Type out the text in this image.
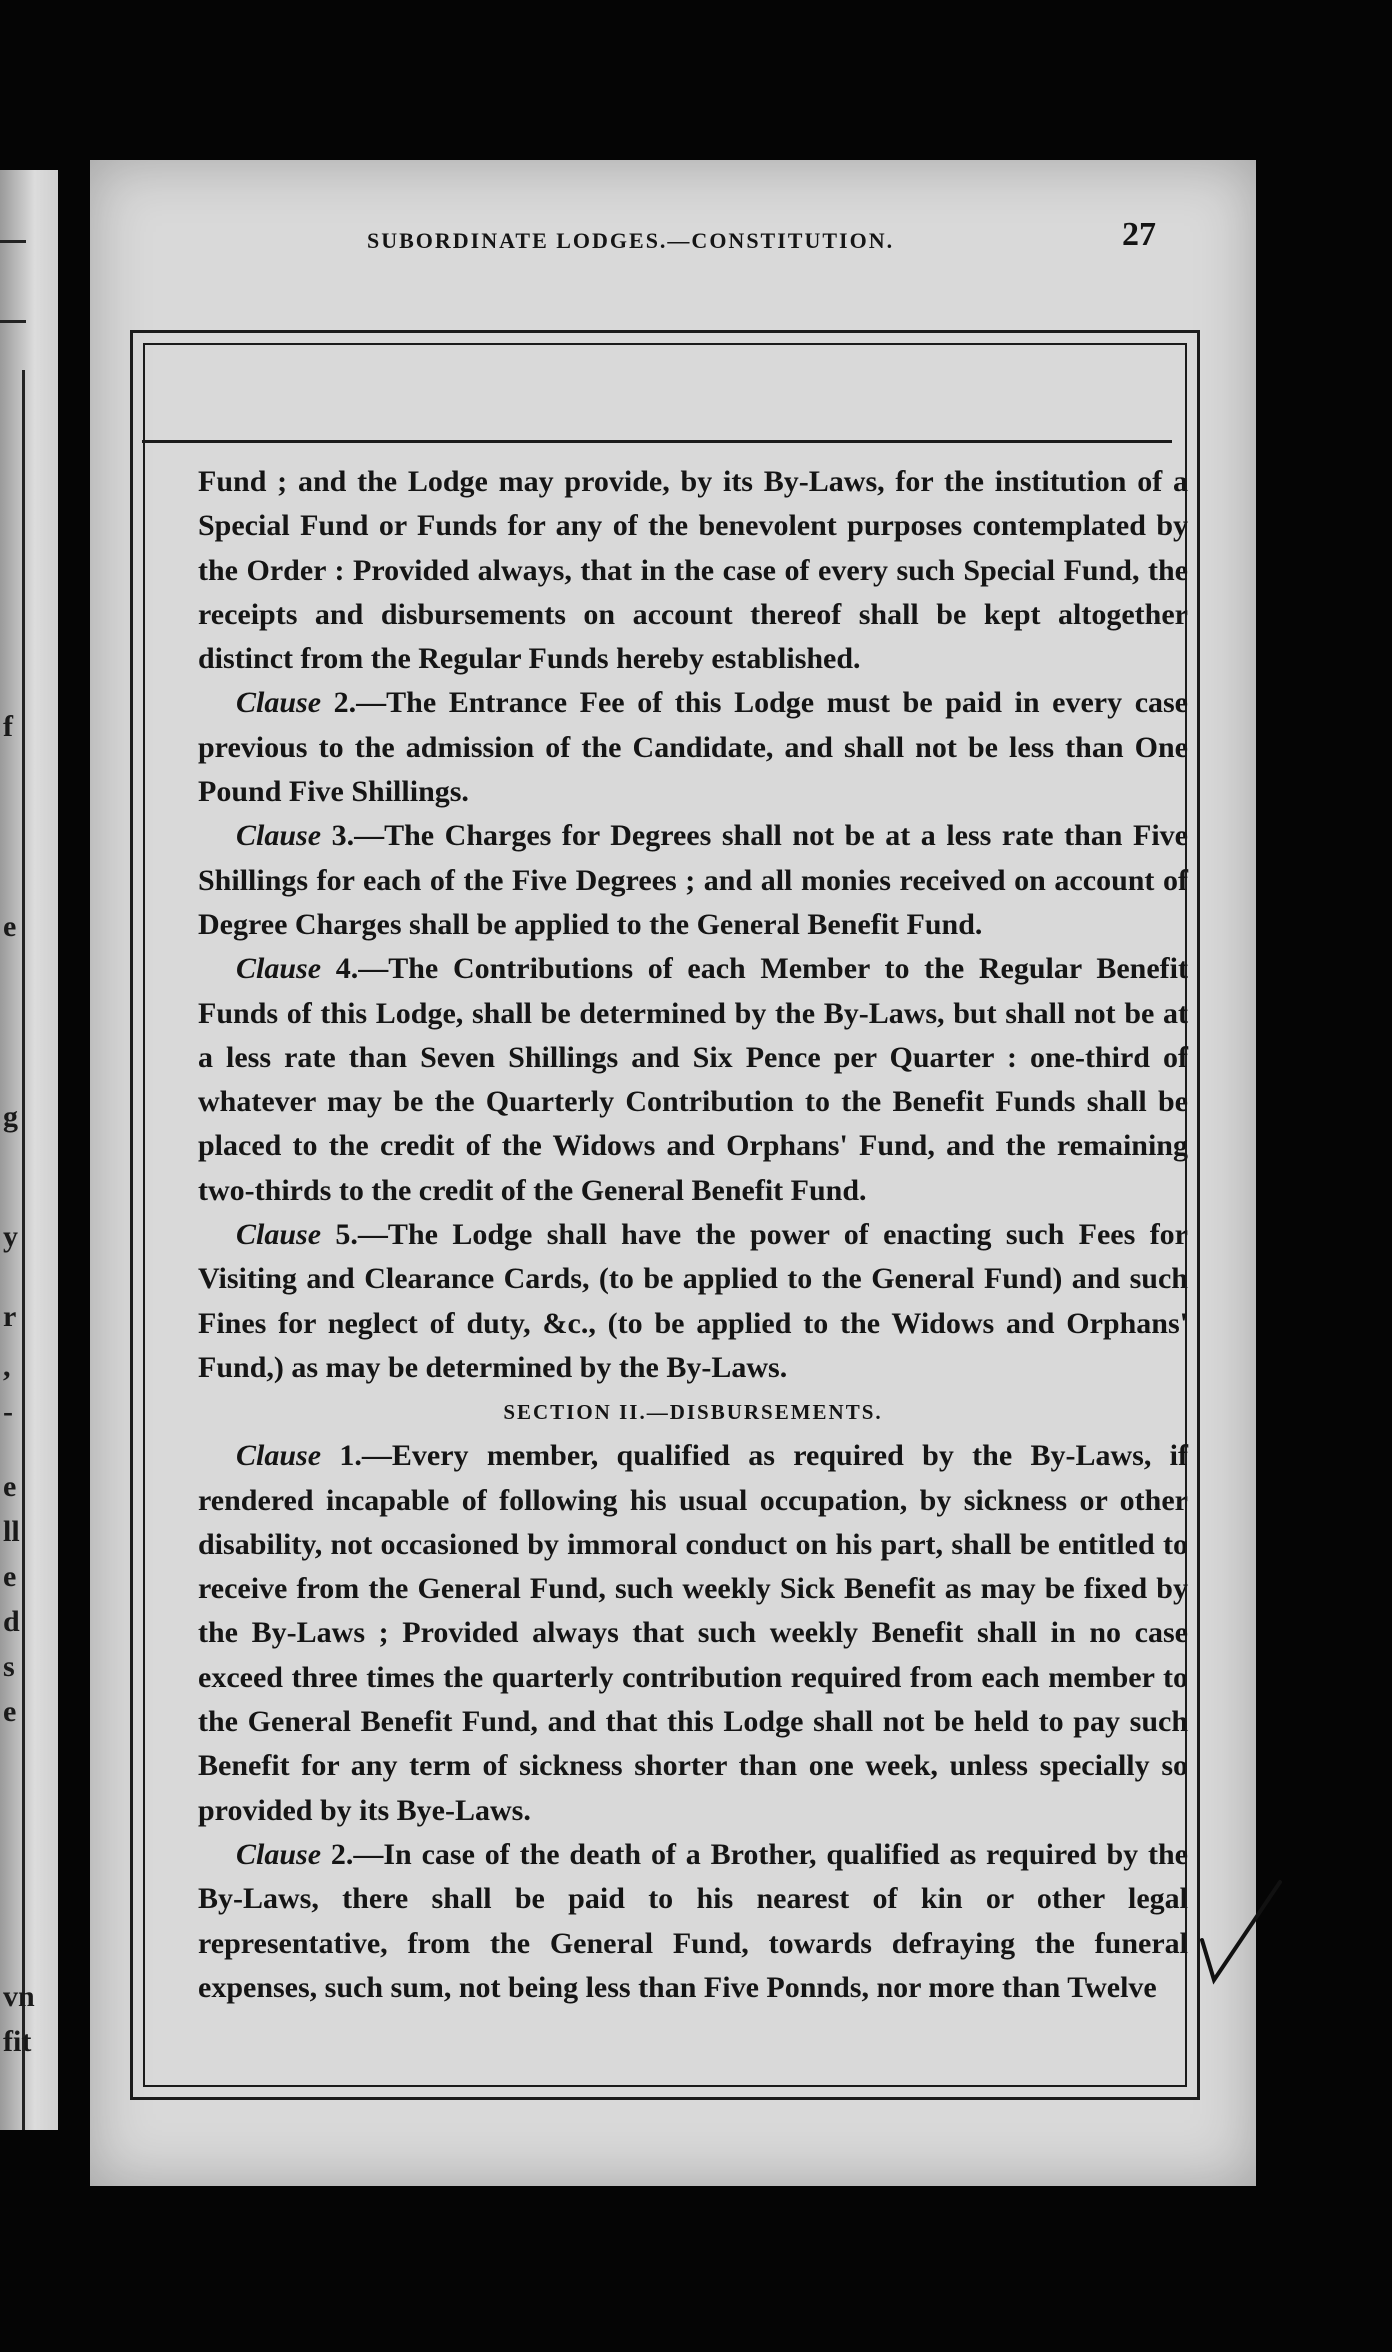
f
e
g
y
r
,
-
e
ll
e
d
s
e
vn
fit
SUBORDINATE LODGES.—CONSTITUTION.	27

Fund ; and the Lodge may provide, by its By-Laws, for the institution of a Special Fund or Funds for any of the benevolent purposes contemplated by the Order : Provided always, that in the case of every such Special Fund, the receipts and disbursements on account thereof shall be kept altogether distinct from the Regular Funds hereby established.

Clause 2.—The Entrance Fee of this Lodge must be paid in every case previous to the admission of the Candidate, and shall not be less than One Pound Five Shillings.

Clause 3.—The Charges for Degrees shall not be at a less rate than Five Shillings for each of the Five Degrees ; and all monies received on account of Degree Charges shall be applied to the General Benefit Fund.

Clause 4.—The Contributions of each Member to the Regular Benefit Funds of this Lodge, shall be determined by the By-Laws, but shall not be at a less rate than Seven Shillings and Six Pence per Quarter : one-third of whatever may be the Quarterly Contribution to the Benefit Funds shall be placed to the credit of the Widows and Orphans' Fund, and the remaining two-thirds to the credit of the General Benefit Fund.

Clause 5.—The Lodge shall have the power of enacting such Fees for Visiting and Clearance Cards, (to be applied to the General Fund) and such Fines for neglect of duty, &c., (to be applied to the Widows and Orphans' Fund,) as may be determined by the By-Laws.

SECTION II.—DISBURSEMENTS.

Clause 1.—Every member, qualified as required by the By-Laws, if rendered incapable of following his usual occupation, by sickness or other disability, not occasioned by immoral conduct on his part, shall be entitled to receive from the General Fund, such weekly Sick Benefit as may be fixed by the By-Laws ; Provided always that such weekly Benefit shall in no case exceed three times the quarterly contribution required from each member to the General Benefit Fund, and that this Lodge shall not be held to pay such Benefit for any term of sickness shorter than one week, unless specially so provided by its Bye-Laws.

Clause 2.—In case of the death of a Brother, qualified as required by the By-Laws, there shall be paid to his nearest of kin or other legal representative, from the General Fund, towards defraying the funeral expenses, such sum, not being less than Five Ponnds, nor more than Twelve
